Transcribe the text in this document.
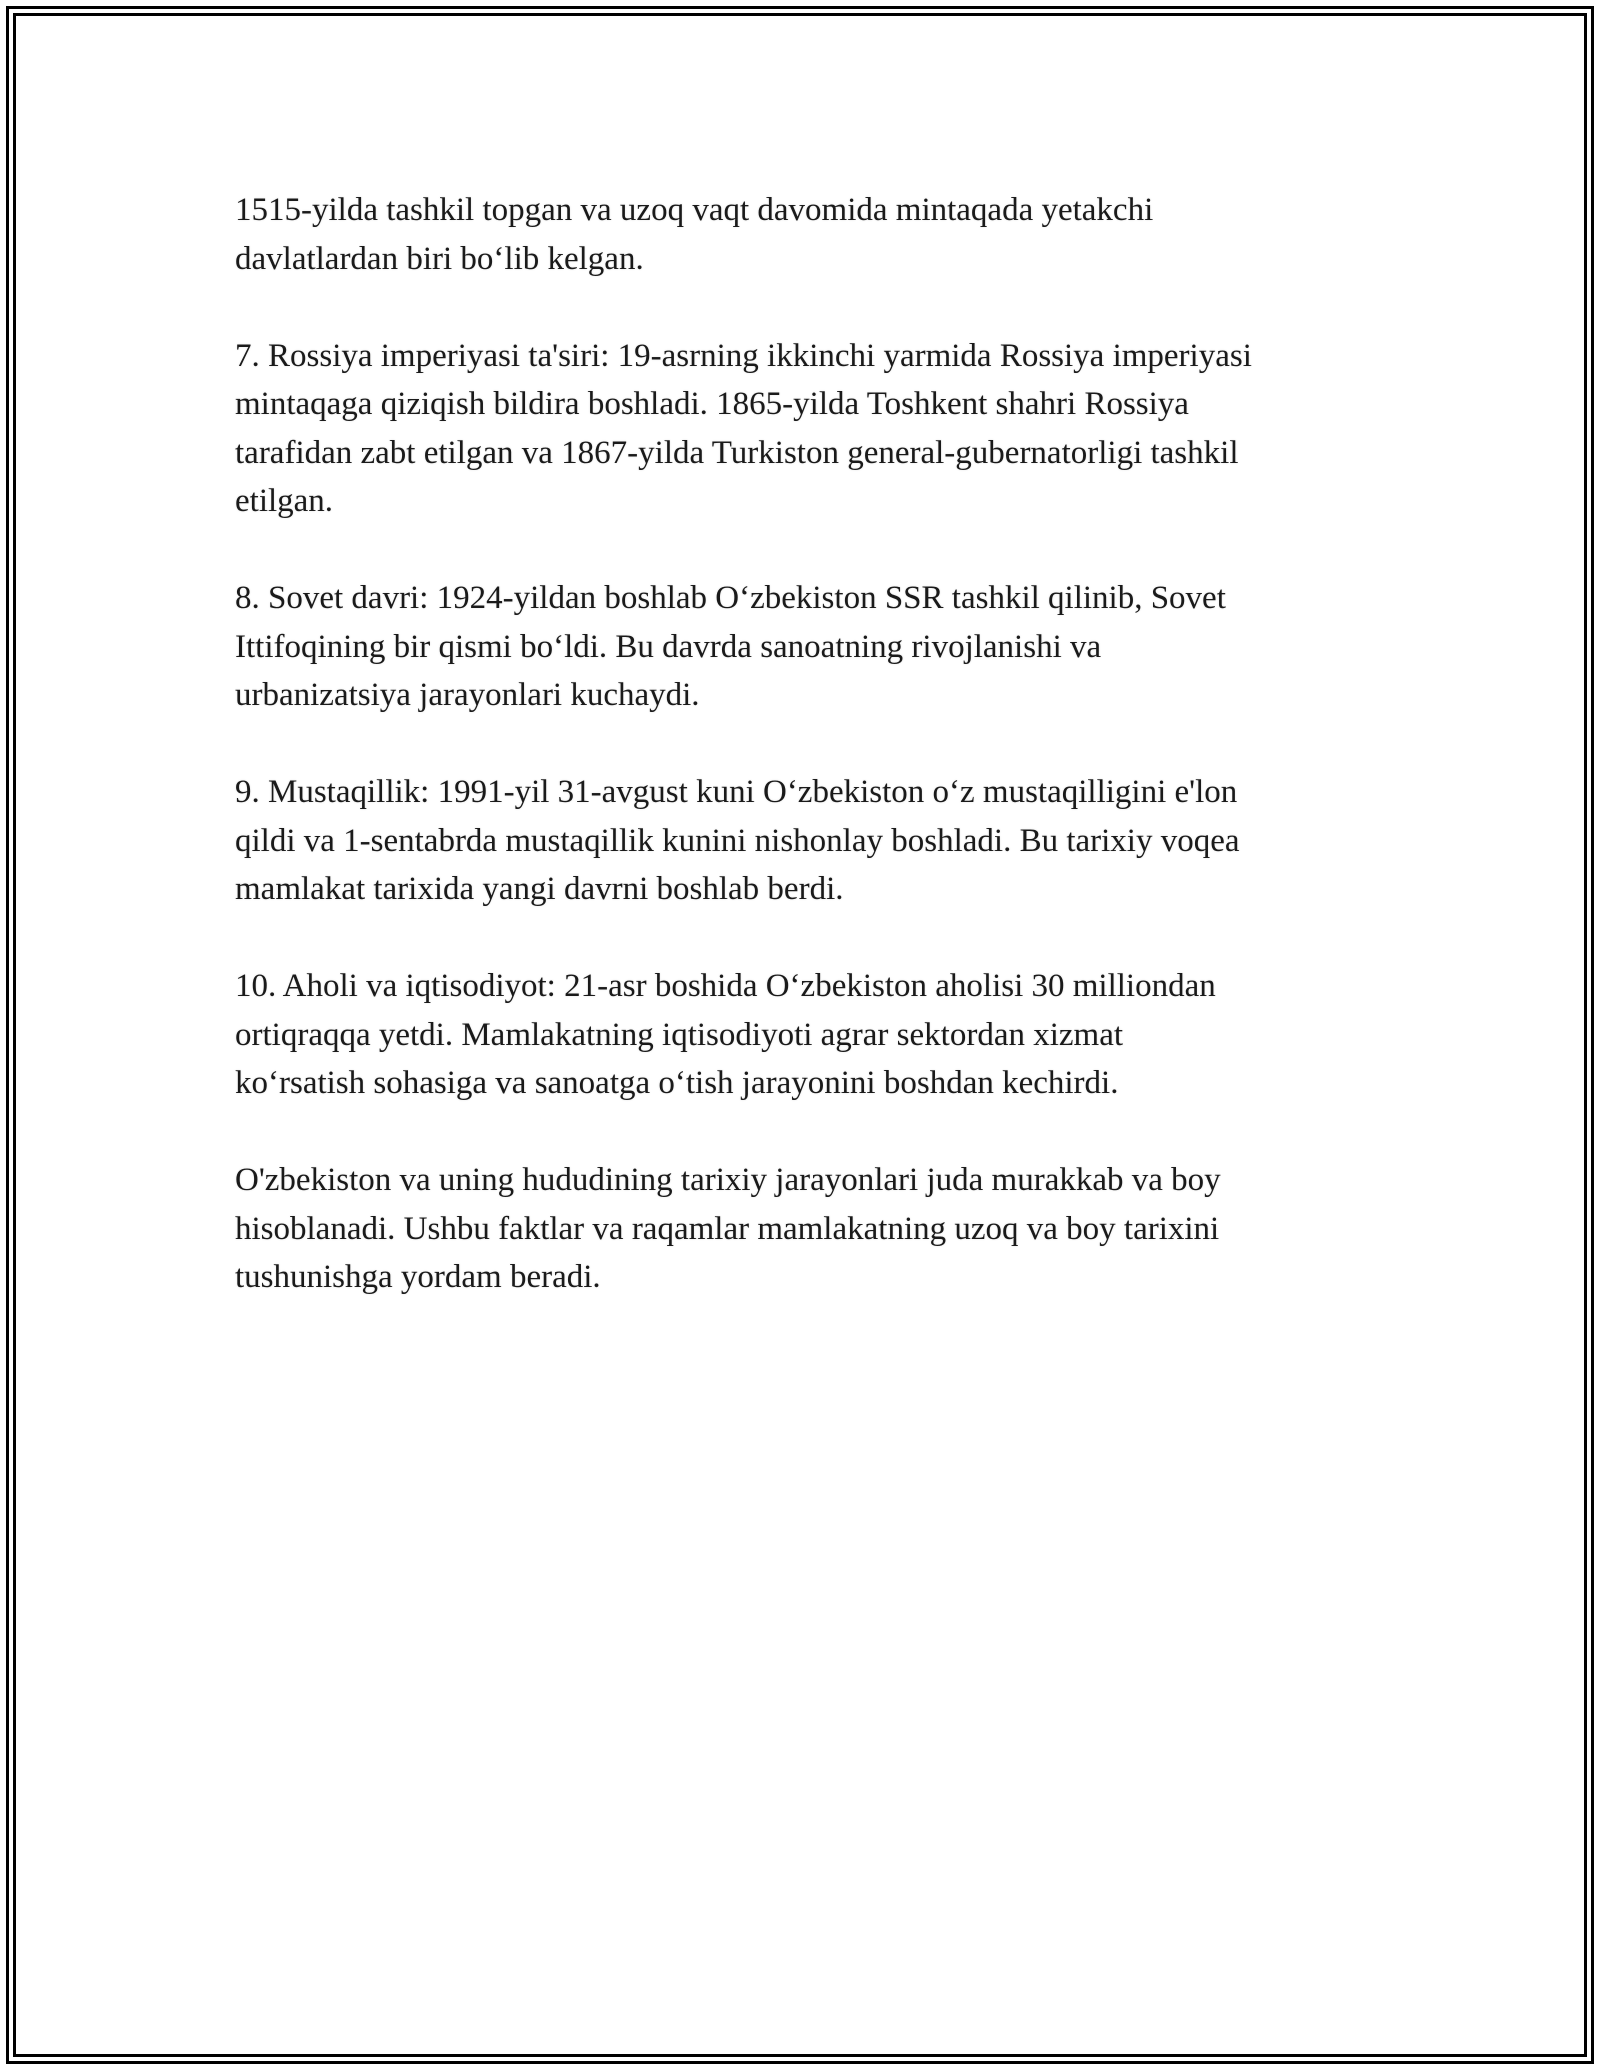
1515-yilda tashkil topgan va uzoq vaqt davomida mintaqada yetakchi
davlatlardan biri bo‘lib kelgan.

7. Rossiya imperiyasi ta'siri: 19-asrning ikkinchi yarmida Rossiya imperiyasi
mintaqaga qiziqish bildira boshladi. 1865-yilda Toshkent shahri Rossiya
tarafidan zabt etilgan va 1867-yilda Turkiston general-gubernatorligi tashkil
etilgan.

8. Sovet davri: 1924-yildan boshlab O‘zbekiston SSR tashkil qilinib, Sovet
Ittifoqining bir qismi bo‘ldi. Bu davrda sanoatning rivojlanishi va
urbanizatsiya jarayonlari kuchaydi.

9. Mustaqillik: 1991-yil 31-avgust kuni O‘zbekiston o‘z mustaqilligini e'lon
qildi va 1-sentabrda mustaqillik kunini nishonlay boshladi. Bu tarixiy voqea
mamlakat tarixida yangi davrni boshlab berdi.

10. Aholi va iqtisodiyot: 21-asr boshida O‘zbekiston aholisi 30 milliondan
ortiqraqqa yetdi. Mamlakatning iqtisodiyoti agrar sektordan xizmat
ko‘rsatish sohasiga va sanoatga o‘tish jarayonini boshdan kechirdi.

O'zbekiston va uning hududining tarixiy jarayonlari juda murakkab va boy
hisoblanadi. Ushbu faktlar va raqamlar mamlakatning uzoq va boy tarixini
tushunishga yordam beradi.
